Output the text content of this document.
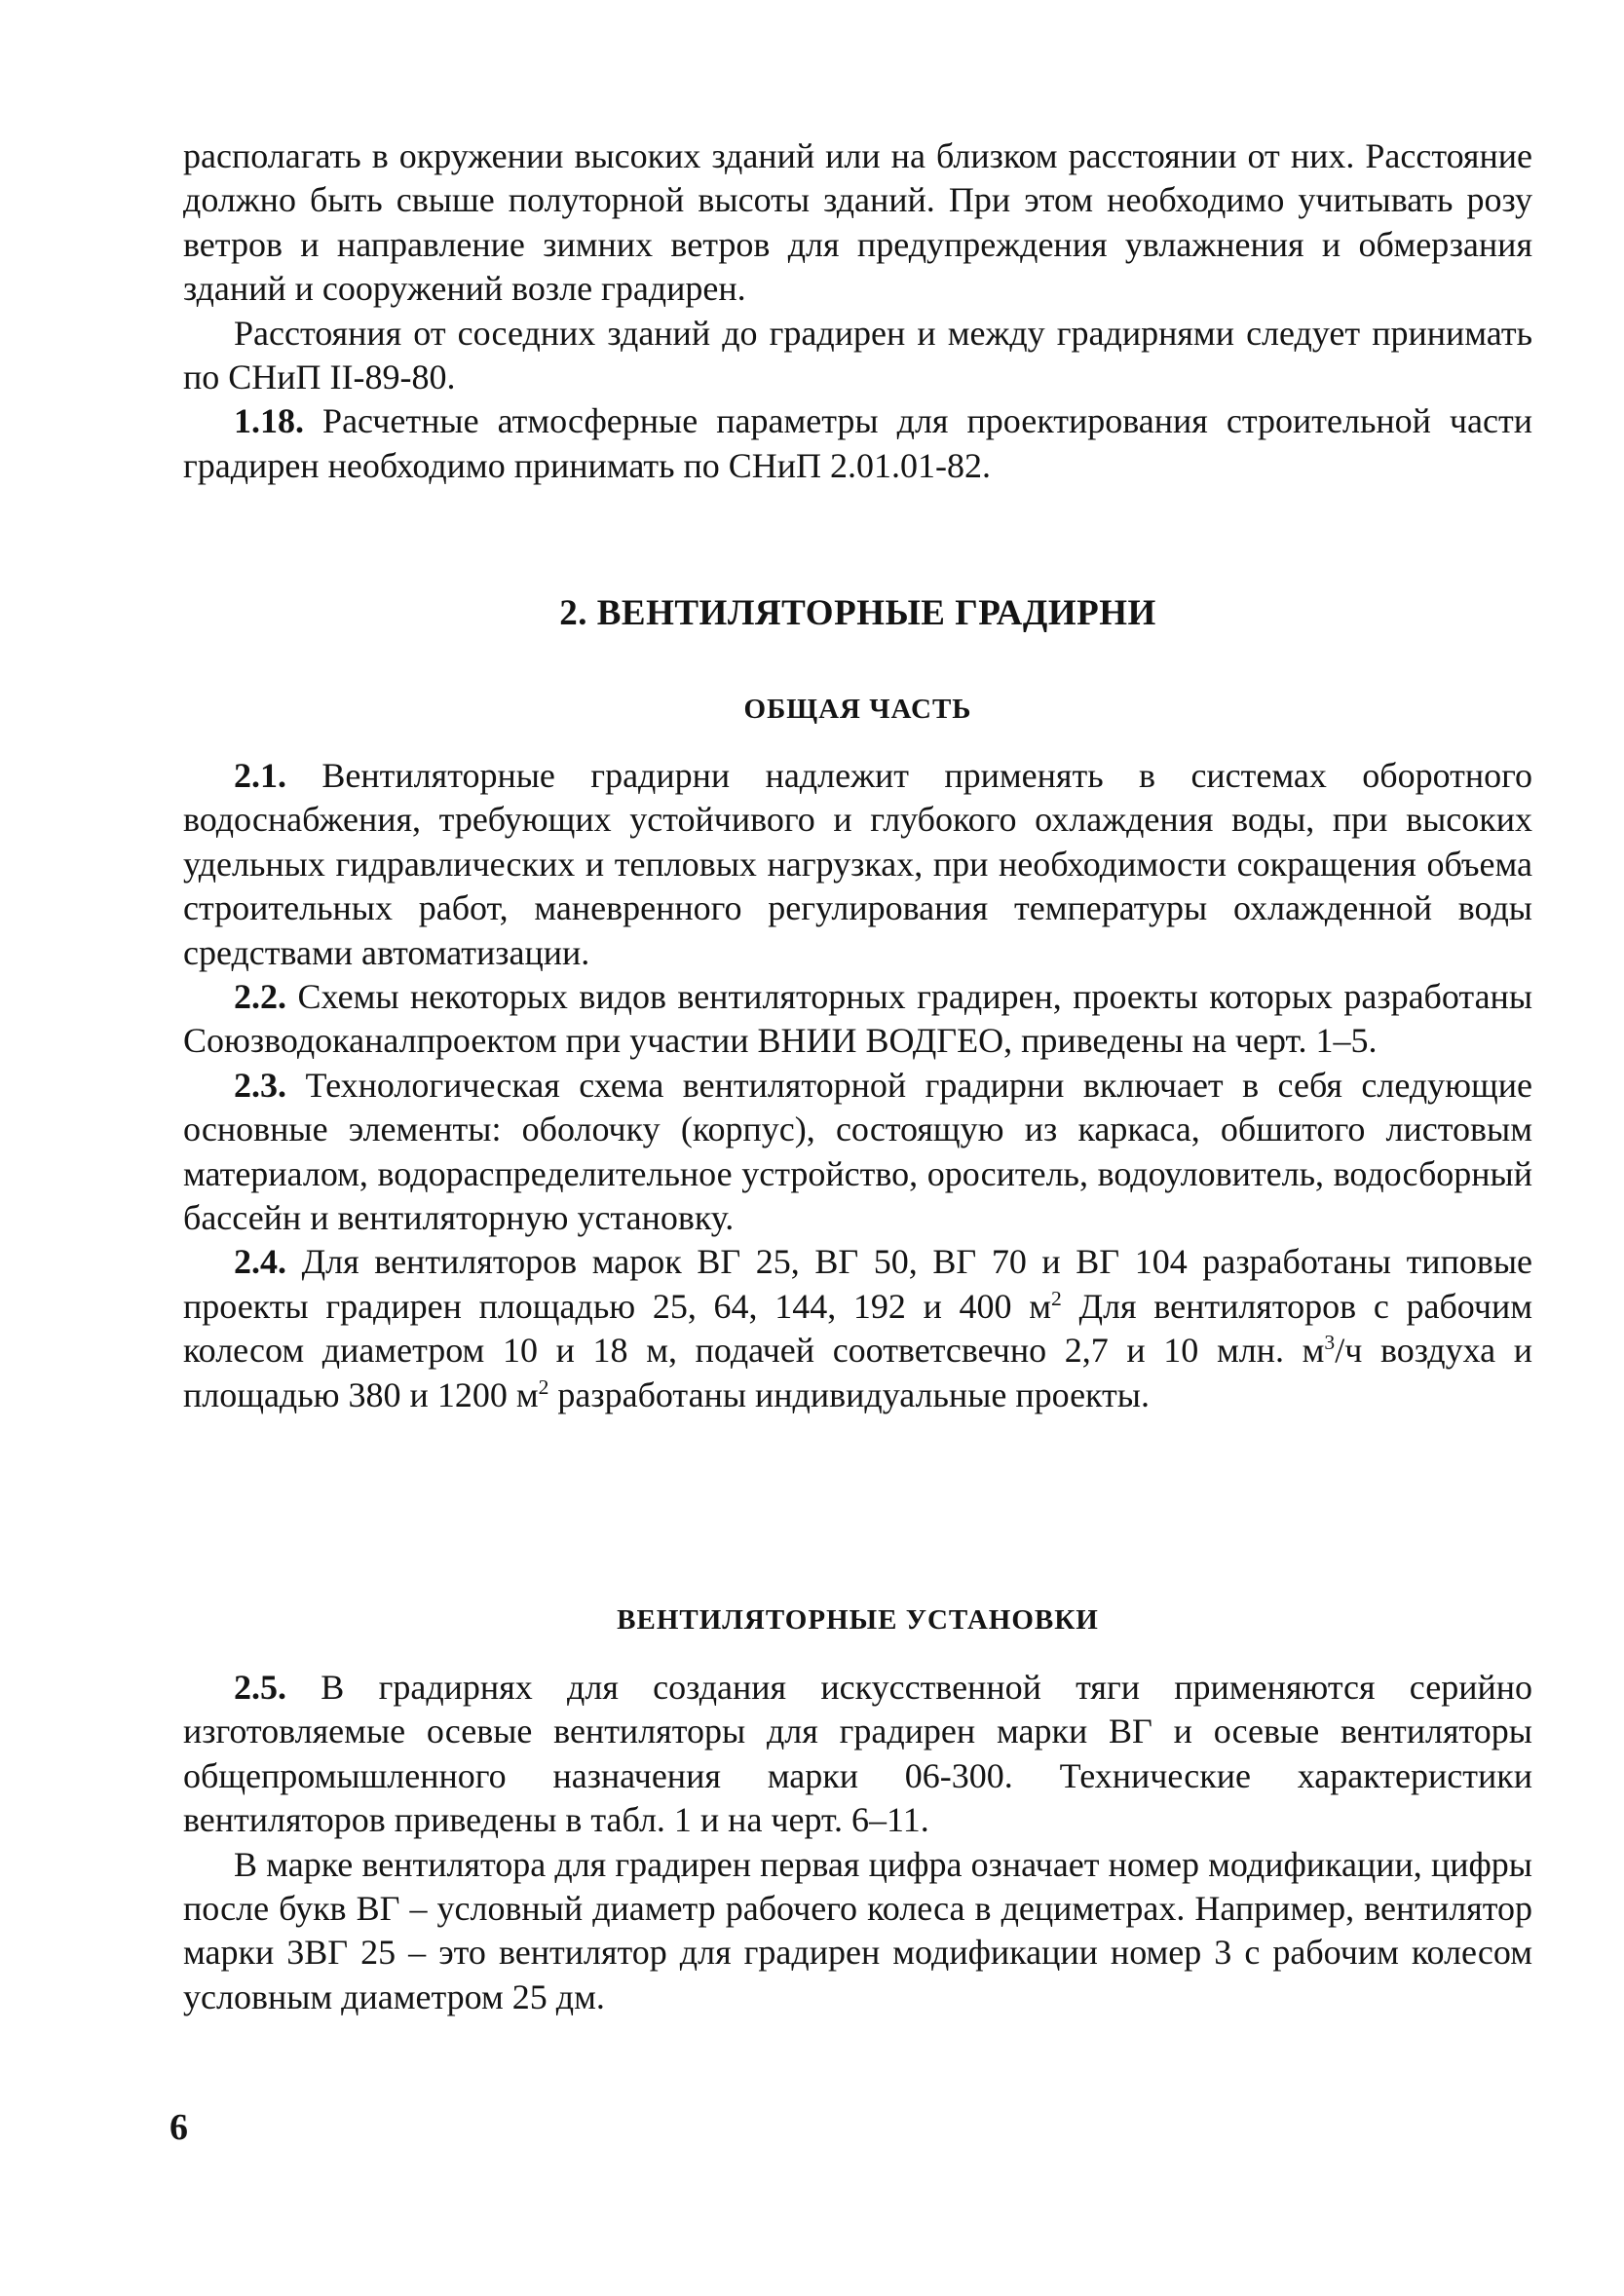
располагать в окружении высоких зданий или на близком расстоянии от них. Расстояние должно быть свыше полуторной высоты зданий. При этом необходимо учитывать розу ветров и направление зимних ветров для предупреждения увлажнения и обмерзания зданий и сооружений возле градирен.

Расстояния от соседних зданий до градирен и между градирнями следует принимать по СНиП II-89-80.

1.18. Расчетные атмосферные параметры для проектирования строительной части градирен необходимо принимать по СНиП 2.01.01-82.

2. ВЕНТИЛЯТОРНЫЕ ГРАДИРНИ
ОБЩАЯ ЧАСТЬ

2.1. Вентиляторные градирни надлежит применять в системах оборотного водоснабжения, требующих устойчивого и глубокого охлаждения воды, при высоких удельных гидравлических и тепловых нагрузках, при необходимости сокращения объема строительных работ, маневренного регулирования температуры охлажденной воды средствами автоматизации.

2.2. Схемы некоторых видов вентиляторных градирен, проекты которых разработаны Союзводоканалпроектом при участии ВНИИ ВОДГЕО, приведены на черт. 1–5.

2.3. Технологическая схема вентиляторной градирни включает в себя следующие основные элементы: оболочку (корпус), состоящую из каркаса, обшитого листовым материалом, водораспределительное устройство, ороситель, водоуловитель, водосборный бассейн и вентиляторную установку.

2.4. Для вентиляторов марок ВГ 25, ВГ 50, ВГ 70 и ВГ 104 разработаны типовые проекты градирен площадью 25, 64, 144, 192 и 400 $м^2$ Для вентиляторов с рабочим колесом диаметром 10 и 18 м, подачей соответсвечно 2,7 и 10 млн. $м^3/ч$ воздуха и площадью 380 и 1200 $м^2$ разработаны индивидуальные проекты.

ВЕНТИЛЯТОРНЫЕ УСТАНОВКИ

2.5. В градирнях для создания искусственной тяги применяются серийно изготовляемые осевые вентиляторы для градирен марки ВГ и осевые вентиляторы общепромышленного назначения марки 06-300. Технические характеристики вентиляторов приведены в табл. 1 и на черт. 6–11.

В марке вентилятора для градирен первая цифра означает номер модификации, цифры после букв ВГ – условный диаметр рабочего колеса в дециметрах. Например, вентилятор марки 3ВГ 25 – это вентилятор для градирен модификации номер 3 с рабочим колесом условным диаметром 25 дм.

6
